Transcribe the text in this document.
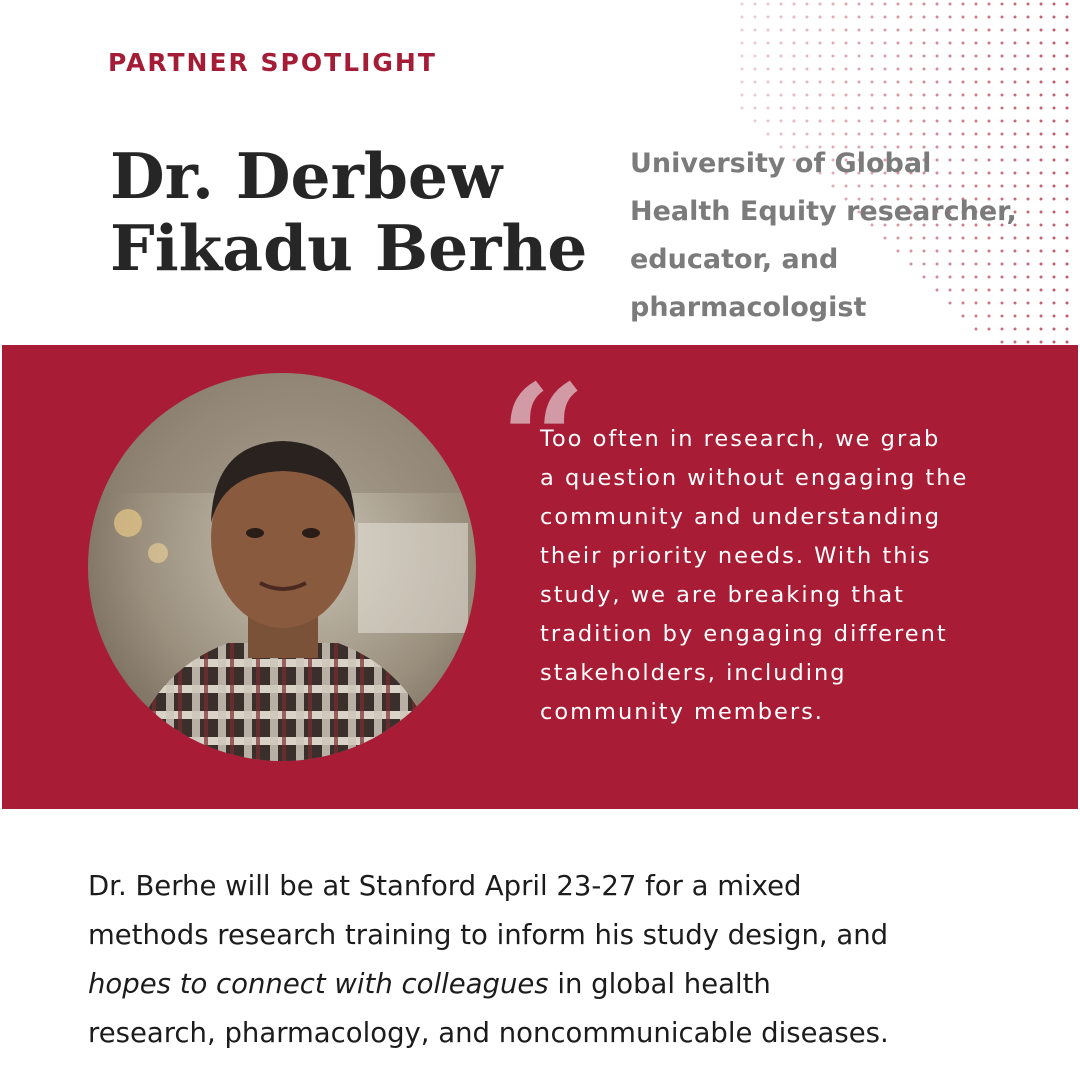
PARTNER SPOTLIGHT
Dr. Derbew
Fikadu Berhe
University of Global
Health Equity researcher,
educator, and
pharmacologist
“
Too often in research, we grab
a question without engaging the
community and understanding
their priority needs. With this
study, we are breaking that
tradition by engaging different
stakeholders, including
community members.
Dr. Berhe will be at Stanford April 23-27 for a mixed
methods research training to inform his study design, and
hopes to connect with colleagues in global health
research, pharmacology, and noncommunicable diseases.
